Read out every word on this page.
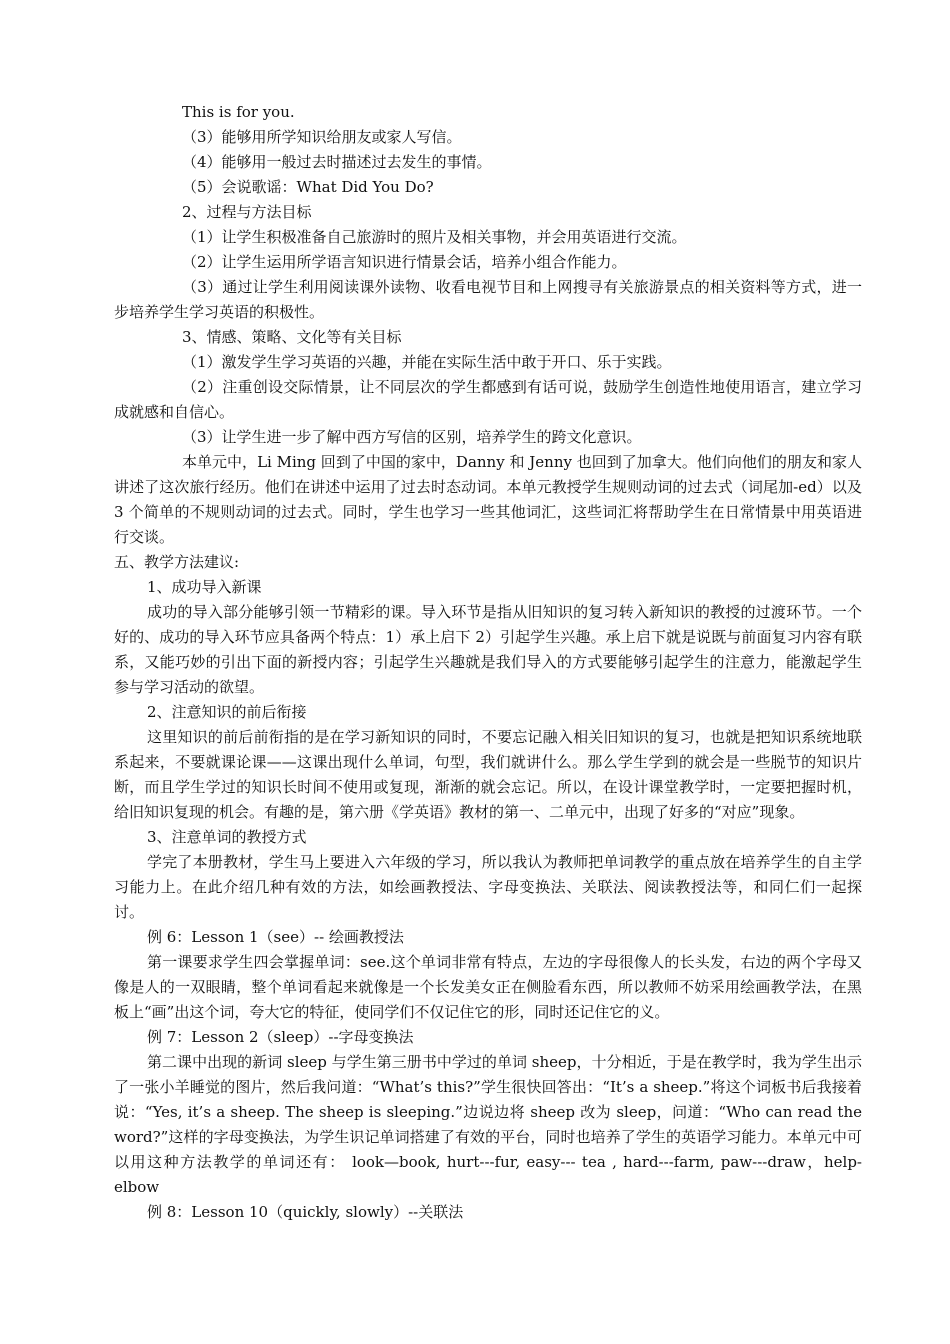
This is for you.

（3）能够用所学知识给朋友或家人写信。

（4）能够用一般过去时描述过去发生的事情。

（5）会说歌谣：What Did You Do?

2、过程与方法目标

（1）让学生积极准备自己旅游时的照片及相关事物，并会用英语进行交流。

（2）让学生运用所学语言知识进行情景会话，培养小组合作能力。

（3）通过让学生利用阅读课外读物、收看电视节目和上网搜寻有关旅游景点的相关资料等方式，进一步培养学生学习英语的积极性。

3、情感、策略、文化等有关目标

（1）激发学生学习英语的兴趣，并能在实际生活中敢于开口、乐于实践。

（2）注重创设交际情景，让不同层次的学生都感到有话可说，鼓励学生创造性地使用语言，建立学习成就感和自信心。

（3）让学生进一步了解中西方写信的区别，培养学生的跨文化意识。

本单元中，Li Ming 回到了中国的家中，Danny 和 Jenny 也回到了加拿大。他们向他们的朋友和家人讲述了这次旅行经历。他们在讲述中运用了过去时态动词。本单元教授学生规则动词的过去式（词尾加-ed）以及 3 个简单的不规则动词的过去式。同时，学生也学习一些其他词汇，这些词汇将帮助学生在日常情景中用英语进行交谈。

五、教学方法建议:

1、成功导入新课

成功的导入部分能够引领一节精彩的课。导入环节是指从旧知识的复习转入新知识的教授的过渡环节。一个好的、成功的导入环节应具备两个特点：1）承上启下 2）引起学生兴趣。承上启下就是说既与前面复习内容有联系，又能巧妙的引出下面的新授内容；引起学生兴趣就是我们导入的方式要能够引起学生的注意力，能激起学生参与学习活动的欲望。

2、注意知识的前后衔接

这里知识的前后前衔指的是在学习新知识的同时，不要忘记融入相关旧知识的复习，也就是把知识系统地联系起来，不要就课论课——这课出现什么单词，句型，我们就讲什么。那么学生学到的就会是一些脱节的知识片断，而且学生学过的知识长时间不使用或复现，渐渐的就会忘记。所以，在设计课堂教学时，一定要把握时机，给旧知识复现的机会。有趣的是，第六册《学英语》教材的第一、二单元中，出现了好多的“对应”现象。

3、注意单词的教授方式

学完了本册教材，学生马上要进入六年级的学习，所以我认为教师把单词教学的重点放在培养学生的自主学习能力上。在此介绍几种有效的方法，如绘画教授法、字母变换法、关联法、阅读教授法等，和同仁们一起探讨。

例 6：Lesson 1（see）-- 绘画教授法

第一课要求学生四会掌握单词：see.这个单词非常有特点，左边的字母很像人的长头发，右边的两个字母又像是人的一双眼睛，整个单词看起来就像是一个长发美女正在侧脸看东西，所以教师不妨采用绘画教学法，在黑板上“画”出这个词，夸大它的特征，使同学们不仅记住它的形，同时还记住它的义。

例 7：Lesson 2（sleep）--字母变换法

第二课中出现的新词 sleep 与学生第三册书中学过的单词 sheep，十分相近，于是在教学时，我为学生出示了一张小羊睡觉的图片，然后我问道：“What’s this?”学生很快回答出：“It’s a sheep.”将这个词板书后我接着说：“Yes, it’s a sheep. The sheep is sleeping.”边说边将 sheep 改为 sleep，问道：“Who can read the word?”这样的字母变换法，为学生识记单词搭建了有效的平台，同时也培养了学生的英语学习能力。本单元中可以用这种方法教学的单词还有： look—book, hurt---fur, easy--- tea , hard---farm, paw---draw，help-elbow

例 8：Lesson 10（quickly, slowly）--关联法
